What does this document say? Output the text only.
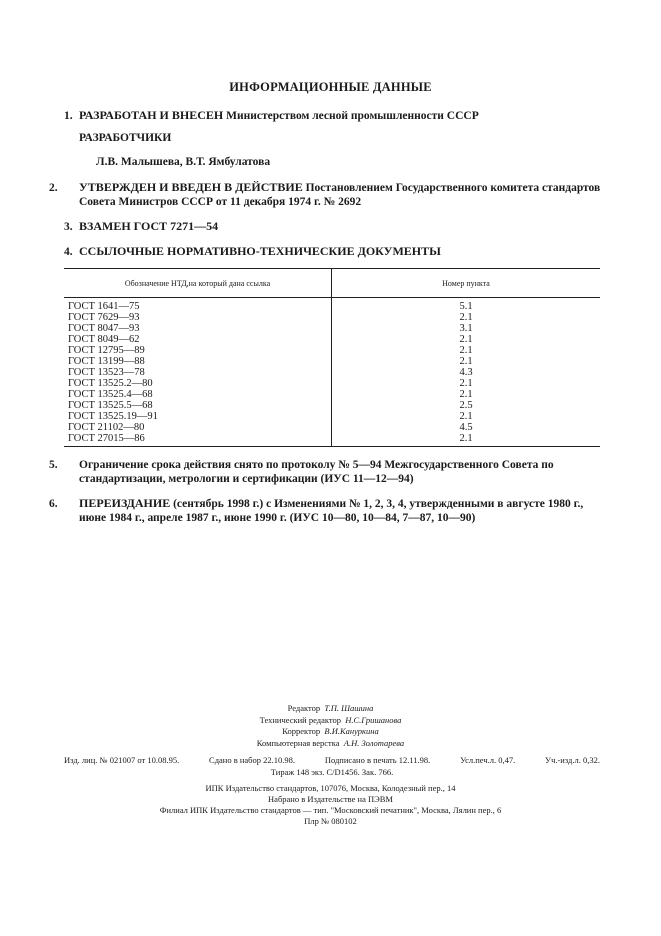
ИНФОРМАЦИОННЫЕ ДАННЫЕ
1. РАЗРАБОТАН И ВНЕСЕН Министерством лесной промышленности СССР
РАЗРАБОТЧИКИ
Л.В. Малышева, В.Т. Ямбулатова
2. УТВЕРЖДЕН И ВВЕДЕН В ДЕЙСТВИЕ Постановлением Государственного комитета стандартов Совета Министров СССР от 11 декабря 1974 г. № 2692
3. ВЗАМЕН ГОСТ 7271—54
4. ССЫЛОЧНЫЕ НОРМАТИВНО-ТЕХНИЧЕСКИЕ ДОКУМЕНТЫ
Обозначение НТД,на который дана ссылка	Номер пункта
ГОСТ 1641—75	5.1
ГОСТ 7629—93	2.1
ГОСТ 8047—93	3.1
ГОСТ 8049—62	2.1
ГОСТ 12795—89	2.1
ГОСТ 13199—88	2.1
ГОСТ 13523—78	4.3
ГОСТ 13525.2—80	2.1
ГОСТ 13525.4—68	2.1
ГОСТ 13525.5—68	2.5
ГОСТ 13525.19—91	2.1
ГОСТ 21102—80	4.5
ГОСТ 27015—86	2.1
5. Ограничение срока действия снято по протоколу № 5—94 Межгосударственного Совета по стандартизации, метрологии и сертификации (ИУС 11—12—94)
6. ПЕРЕИЗДАНИЕ (сентябрь 1998 г.) с Изменениями № 1, 2, 3, 4, утвержденными в августе 1980 г., июне 1984 г., апреле 1987 г., июне 1990 г. (ИУС 10—80, 10—84, 7—87, 10—90)
Редактор Т.П. Шашина
Технический редактор Н.С.Гришанова
Корректор В.И.Кануркина
Компьютерная верстка А.Н. Золотарева
Изд. лиц. № 021007 от 10.08.95.	Сдано в набор 22.10.98.	Подписано в печать 12.11.98.	Усл.печ.л. 0,47.	Уч.-изд.л. 0,32.
Тираж 148 экз. С/D1456. Зак. 766.
ИПК Издательство стандартов, 107076, Москва, Колодезный пер., 14
Набрано в Издательстве на ПЭВМ
Филиал ИПК Издательство стандартов — тип. "Московский печатник", Москва, Лялин пер., 6
Плр № 080102
